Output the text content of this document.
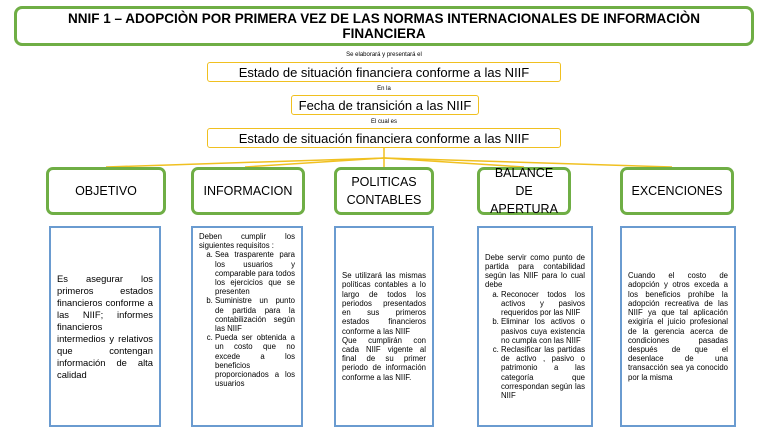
NNIF 1 – ADOPCIÒN POR PRIMERA VEZ DE LAS NORMAS INTERNACIONALES DE INFORMACIÒN FINANCIERA
Se elaborará y presentará el
Estado de situación financiera conforme a las NIIF
En la
Fecha de transición a las NIIF
El cual es
Estado de situación financiera conforme a las NIIF
OBJETIVO	INFORMACION
POLITICAS CONTABLES
BALANCE DE APERTURA
EXCENCIONES
Es asegurar los primeros estados financieros conforme a las NIIF; informes financieros intermedios y relativos que contengan información de alta calidad
Deben cumplir los siguientes requisitos :
a. Sea trasparente para los usuarios y comparable para todos los ejercicios que se presenten
b. Suministre un punto de partida para la contabilización según las NIIF
c. Pueda ser obtenida a un costo que no excede a los beneficios proporcionados a los usuarios
Se utilizará las mismas políticas contables a lo largo de todos los periodos presentados en sus primeros estados financieros conforme a las NIIF
Que cumplirán con cada NIIF vigente al final de su primer periodo de información conforme a las NIIF.
Debe servir como punto de partida para contabilidad según las NIIF para lo cual debe
a. Reconocer todos los activos y pasivos requeridos por las NIIF
b. Eliminar los activos o pasivos cuya existencia no cumpla con las NIIF
c. Reclasificar las partidas de activo , pasivo o patrimonio a las categoría que correspondan según las NIIF
Cuando el costo de adopción y otros exceda a los beneficios prohíbe la adopción recreativa de las NIIF ya que tal aplicación exigiría el juicio profesional de la gerencia acerca de condiciones pasadas después de que el desenlace de una transacción sea ya conocido por la misma
